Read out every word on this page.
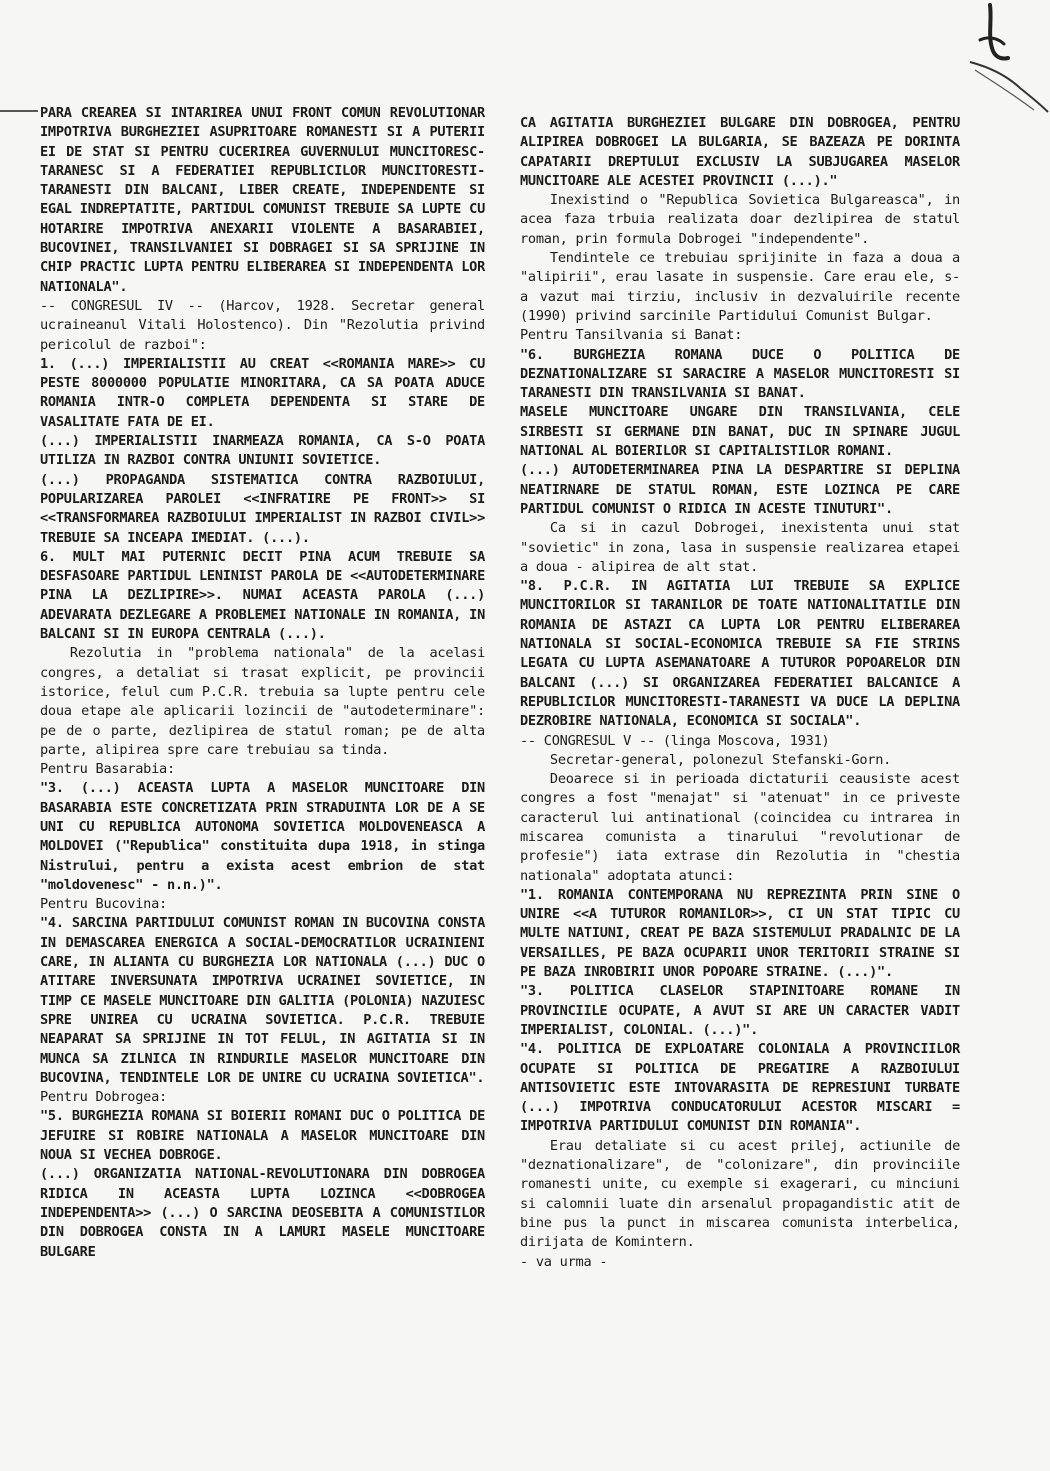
PARA CREAREA SI INTARIREA UNUI FRONT COMUN REVOLUTIONAR IMPOTRIVA BURGHEZIEI ASUPRITOARE ROMANESTI SI A PUTERII EI DE STAT SI PENTRU CUCERIREA GUVERNULUI MUNCITORESC-TARANESC SI A FEDERATIEI REPUBLICILOR MUNCITORESTI-TARANESTI DIN BALCANI, LIBER CREATE, INDEPENDENTE SI EGAL INDREPTATITE, PARTIDUL COMUNIST TREBUIE SA LUPTE CU HOTARIRE IMPOTRIVA ANEXARII VIOLENTE A BASARABIEI, BUCOVINEI, TRANSILVANIEI SI DOBRAGEI SI SA SPRIJINE IN CHIP PRACTIC LUPTA PENTRU ELIBERAREA SI INDEPENDENTA LOR NATIONALA".

-- CONGRESUL IV -- (Harcov, 1928. Secretar general ucraineanul Vitali Holostenco). Din "Rezolutia privind pericolul de razboi":

1. (...) IMPERIALISTII AU CREAT <<ROMANIA MARE>> CU PESTE 8000000 POPULATIE MINORITARA, CA SA POATA ADUCE ROMANIA INTR-O COMPLETA DEPENDENTA SI STARE DE VASALITATE FATA DE EI.

(...) IMPERIALISTII INARMEAZA ROMANIA, CA S-O POATA UTILIZA IN RAZBOI CONTRA UNIUNII SOVIETICE.

(...) PROPAGANDA SISTEMATICA CONTRA RAZBOIULUI, POPULARIZAREA PAROLEI <<INFRATIRE PE FRONT>> SI <<TRANSFORMAREA RAZBOIULUI IMPERIALIST IN RAZBOI CIVIL>> TREBUIE SA INCEAPA IMEDIAT. (...).

6. MULT MAI PUTERNIC DECIT PINA ACUM TREBUIE SA DESFASOARE PARTIDUL LENINIST PAROLA DE <<AUTODETERMINARE PINA LA DEZLIPIRE>>. NUMAI ACEASTA PAROLA (...) ADEVARATA DEZLEGARE A PROBLEMEI NATIONALE IN ROMANIA, IN BALCANI SI IN EUROPA CENTRALA (...).

Rezolutia in "problema nationala" de la acelasi congres, a detaliat si trasat explicit, pe provincii istorice, felul cum P.C.R. trebuia sa lupte pentru cele doua etape ale aplicarii lozincii de "autodeterminare": pe de o parte, dezlipirea de statul roman; pe de alta parte, alipirea spre care trebuiau sa tinda.

Pentru Basarabia:

"3. (...) ACEASTA LUPTA A MASELOR MUNCITOARE DIN BASARABIA ESTE CONCRETIZATA PRIN STRADUINTA LOR DE A SE UNI CU REPUBLICA AUTONOMA SOVIETICA MOLDOVENEASCA A MOLDOVEI ("Republica" constituita dupa 1918, in stinga Nistrului, pentru a exista acest embrion de stat "moldovenesc" - n.n.)".

Pentru Bucovina:

"4. SARCINA PARTIDULUI COMUNIST ROMAN IN BUCOVINA CONSTA IN DEMASCAREA ENERGICA A SOCIAL-DEMOCRATILOR UCRAINIENI CARE, IN ALIANTA CU BURGHEZIA LOR NATIONALA (...) DUC O ATITARE INVERSUNATA IMPOTRIVA UCRAINEI SOVIETICE, IN TIMP CE MASELE MUNCITOARE DIN GALITIA (POLONIA) NAZUIESC SPRE UNIREA CU UCRAINA SOVIETICA. P.C.R. TREBUIE NEAPARAT SA SPRIJINE IN TOT FELUL, IN AGITATIA SI IN MUNCA SA ZILNICA IN RINDURILE MASELOR MUNCITOARE DIN BUCOVINA, TENDINTELE LOR DE UNIRE CU UCRAINA SOVIETICA".

Pentru Dobrogea:

"5. BURGHEZIA ROMANA SI BOIERII ROMANI DUC O POLITICA DE JEFUIRE SI ROBIRE NATIONALA A MASELOR MUNCITOARE DIN NOUA SI VECHEA DOBROGE.

(...) ORGANIZATIA NATIONAL-REVOLUTIONARA DIN DOBROGEA RIDICA IN ACEASTA LUPTA LOZINCA <<DOBROGEA INDEPENDENTA>> (...) O SARCINA DEOSEBITA A COMUNISTILOR DIN DOBROGEA CONSTA IN A LAMURI MASELE MUNCITOARE BULGARE

CA AGITATIA BURGHEZIEI BULGARE DIN DOBROGEA, PENTRU ALIPIREA DOBROGEI LA BULGARIA, SE BAZEAZA PE DORINTA CAPATARII DREPTULUI EXCLUSIV LA SUBJUGAREA MASELOR MUNCITOARE ALE ACESTEI PROVINCII (...)."

Inexistind o "Republica Sovietica Bulgareasca", in acea faza trbuia realizata doar dezlipirea de statul roman, prin formula Dobrogei "independente".

Tendintele ce trebuiau sprijinite in faza a doua a "alipirii", erau lasate in suspensie. Care erau ele, s-a vazut mai tirziu, inclusiv in dezvaluirile recente (1990) privind sarcinile Partidului Comunist Bulgar.

Pentru Tansilvania si Banat:

"6. BURGHEZIA ROMANA DUCE O POLITICA DE DEZNATIONALIZARE SI SARACIRE A MASELOR MUNCITORESTI SI TARANESTI DIN TRANSILVANIA SI BANAT.

MASELE MUNCITOARE UNGARE DIN TRANSILVANIA, CELE SIRBESTI SI GERMANE DIN BANAT, DUC IN SPINARE JUGUL NATIONAL AL BOIERILOR SI CAPITALISTILOR ROMANI.

(...) AUTODETERMINAREA PINA LA DESPARTIRE SI DEPLINA NEATIRNARE DE STATUL ROMAN, ESTE LOZINCA PE CARE PARTIDUL COMUNIST O RIDICA IN ACESTE TINUTURI".

Ca si in cazul Dobrogei, inexistenta unui stat "sovietic" in zona, lasa in suspensie realizarea etapei a doua - alipirea de alt stat.

"8. P.C.R. IN AGITATIA LUI TREBUIE SA EXPLICE MUNCITORILOR SI TARANILOR DE TOATE NATIONALITATILE DIN ROMANIA DE ASTAZI CA LUPTA LOR PENTRU ELIBERAREA NATIONALA SI SOCIAL-ECONOMICA TREBUIE SA FIE STRINS LEGATA CU LUPTA ASEMANATOARE A TUTUROR POPOARELOR DIN BALCANI (...) SI ORGANIZAREA FEDERATIEI BALCANICE A REPUBLICILOR MUNCITORESTI-TARANESTI VA DUCE LA DEPLINA DEZROBIRE NATIONALA, ECONOMICA SI SOCIALA".

-- CONGRESUL V -- (linga Moscova, 1931)

Secretar-general, polonezul Stefanski-Gorn.

Deoarece si in perioada dictaturii ceausiste acest congres a fost "menajat" si "atenuat" in ce priveste caracterul lui antinational (coincidea cu intrarea in miscarea comunista a tinarului "revolutionar de profesie") iata extrase din Rezolutia in "chestia nationala" adoptata atunci:

"1. ROMANIA CONTEMPORANA NU REPREZINTA PRIN SINE O UNIRE <<A TUTUROR ROMANILOR>>, CI UN STAT TIPIC CU MULTE NATIUNI, CREAT PE BAZA SISTEMULUI PRADALNIC DE LA VERSAILLES, PE BAZA OCUPARII UNOR TERITORII STRAINE SI PE BAZA INROBIRII UNOR POPOARE STRAINE. (...)".

"3. POLITICA CLASELOR STAPINITOARE ROMANE IN PROVINCIILE OCUPATE, A AVUT SI ARE UN CARACTER VADIT IMPERIALIST, COLONIAL. (...)".

"4. POLITICA DE EXPLOATARE COLONIALA A PROVINCIILOR OCUPATE SI POLITICA DE PREGATIRE A RAZBOIULUI ANTISOVIETIC ESTE INTOVARASITA DE REPRESIUNI TURBATE (...) IMPOTRIVA CONDUCATORULUI ACESTOR MISCARI = IMPOTRIVA PARTIDULUI COMUNIST DIN ROMANIA".

Erau detaliate si cu acest prilej, actiunile de "deznationalizare", de "colonizare", din provinciile romanesti unite, cu exemple si exagerari, cu minciuni si calomnii luate din arsenalul propagandistic atit de bine pus la punct in miscarea comunista interbelica, dirijata de Komintern.

- va urma -
